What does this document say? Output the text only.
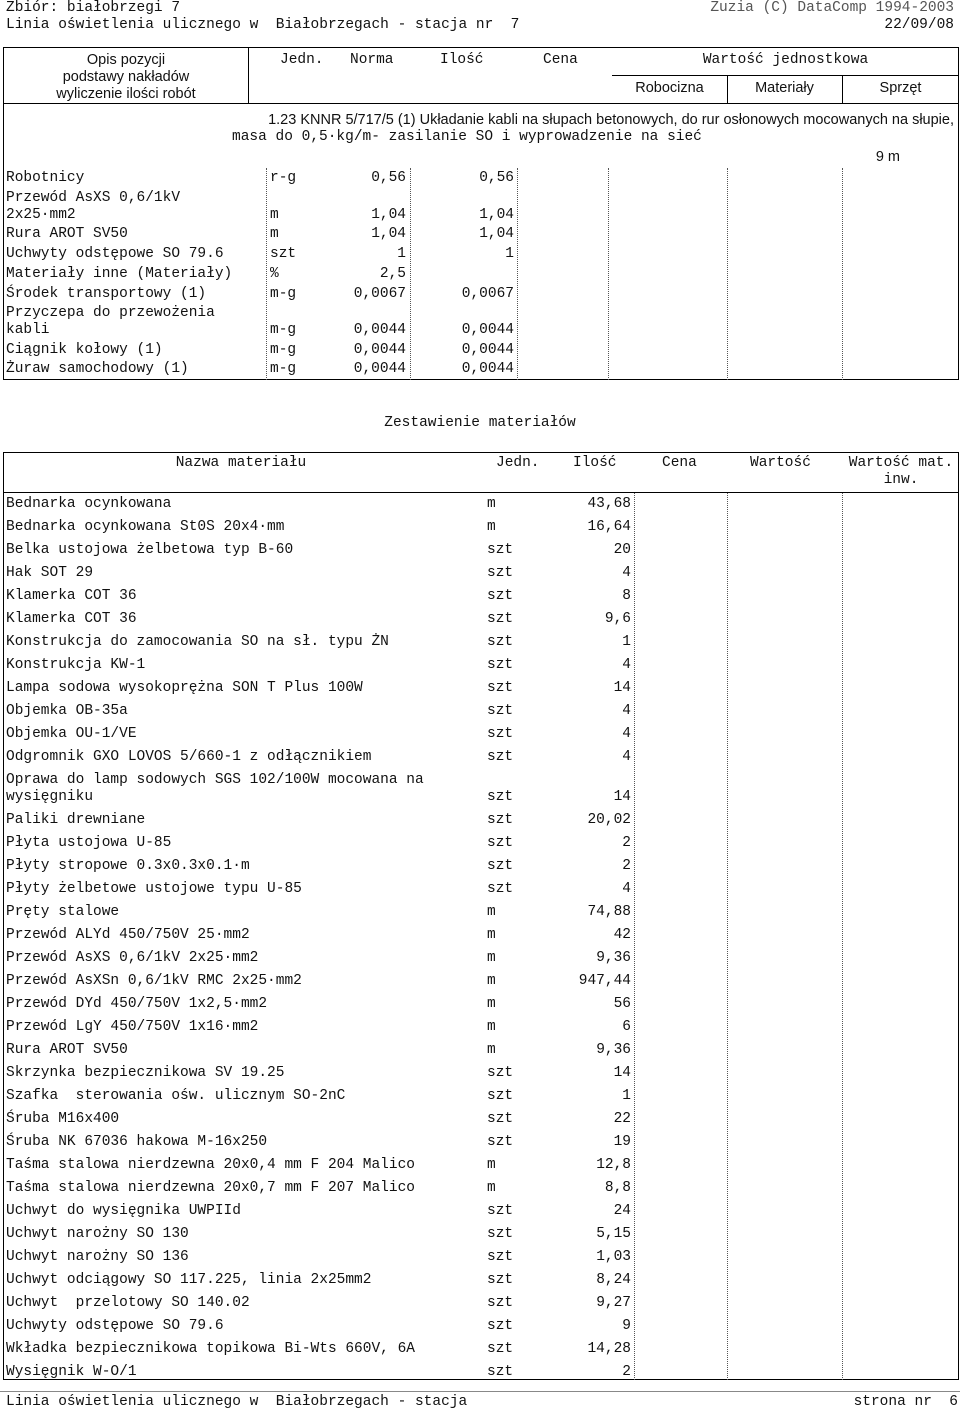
Zbiór: białobrzegi 7	Zuzia (C) DataComp 1994-2003
Linia oświetlenia ulicznego w  Białobrzegach - stacja nr  7	22/09/08
Opis pozycji
podstawy nakładów
wyliczenie ilości robót
Jedn. Norma	Ilość	Cena	Wartość jednostkowa
Robocizna	Materiały	Sprzęt
1.23 KNNR 5/717/5 (1) Układanie kabli na słupach betonowych, do rur osłonowych mocowanych na słupie,
masa do 0,5·kg/m- zasilanie SO i wyprowadzenie na sieć
9 m
Robotnicy	r-g	0,56	0,56
Przewód AsXS 0,6/1kV
2x25·mm2	m	1,04	1,04
Rura AROT SV50	m	1,04	1,04
Uchwyty odstępowe SO 79.6	szt	1	1
Materiały inne (Materiały)	%	2,5
Środek transportowy (1)	m-g	0,0067	0,0067
Przyczepa do przewożenia
kabli	m-g	0,0044	0,0044
Ciągnik kołowy (1)	m-g	0,0044	0,0044
Żuraw samochodowy (1)	m-g	0,0044	0,0044
Zestawienie materiałów
Nazwa materiału	Jedn. Ilość	Cena	Wartość	Wartość mat.
inw.
Bednarka ocynkowana	m	43,68
Bednarka ocynkowana St0S 20x4·mm	m	16,64
Belka ustojowa żelbetowa typ B-60	szt	20
Hak SOT 29	szt	4
Klamerka COT 36	szt	8
Klamerka COT 36	szt	9,6
Konstrukcja do zamocowania SO na sł. typu ŻN	szt	1
Konstrukcja KW-1	szt	4
Lampa sodowa wysokoprężna SON T Plus 100W	szt	14
Objemka OB-35a	szt	4
Objemka OU-1/VE	szt	4
Odgromnik GXO LOVOS 5/660-1 z odłącznikiem	szt	4
Oprawa do lamp sodowych SGS 102/100W mocowana na
wysięgniku	szt	14
Paliki drewniane	szt	20,02
Płyta ustojowa U-85	szt	2
Płyty stropowe 0.3x0.3x0.1·m	szt	2
Płyty żelbetowe ustojowe typu U-85	szt	4
Pręty stalowe	m	74,88
Przewód ALYd 450/750V 25·mm2	m	42
Przewód AsXS 0,6/1kV 2x25·mm2	m	9,36
Przewód AsXSn 0,6/1kV RMC 2x25·mm2	m	947,44
Przewód DYd 450/750V 1x2,5·mm2	m	56
Przewód LgY 450/750V 1x16·mm2	m	6
Rura AROT SV50	m	9,36
Skrzynka bezpiecznikowa SV 19.25	szt	14
Szafka  sterowania ośw. ulicznym SO-2nC	szt	1
Śruba M16x400	szt	22
Śruba NK 67036 hakowa M-16x250	szt	19
Taśma stalowa nierdzewna 20x0,4 mm F 204 Malico	m	12,8
Taśma stalowa nierdzewna 20x0,7 mm F 207 Malico	m	8,8
Uchwyt do wysięgnika UWPIId	szt	24
Uchwyt narożny SO 130	szt	5,15
Uchwyt narożny SO 136	szt	1,03
Uchwyt odciągowy SO 117.225, linia 2x25mm2	szt	8,24
Uchwyt  przelotowy SO 140.02	szt	9,27
Uchwyty odstępowe SO 79.6	szt	9
Wkładka bezpiecznikowa topikowa Bi-Wts 660V, 6A	szt	14,28
Wysięgnik W-O/1	szt	2
Linia oświetlenia ulicznego w  Białobrzegach - stacja	strona nr  6
